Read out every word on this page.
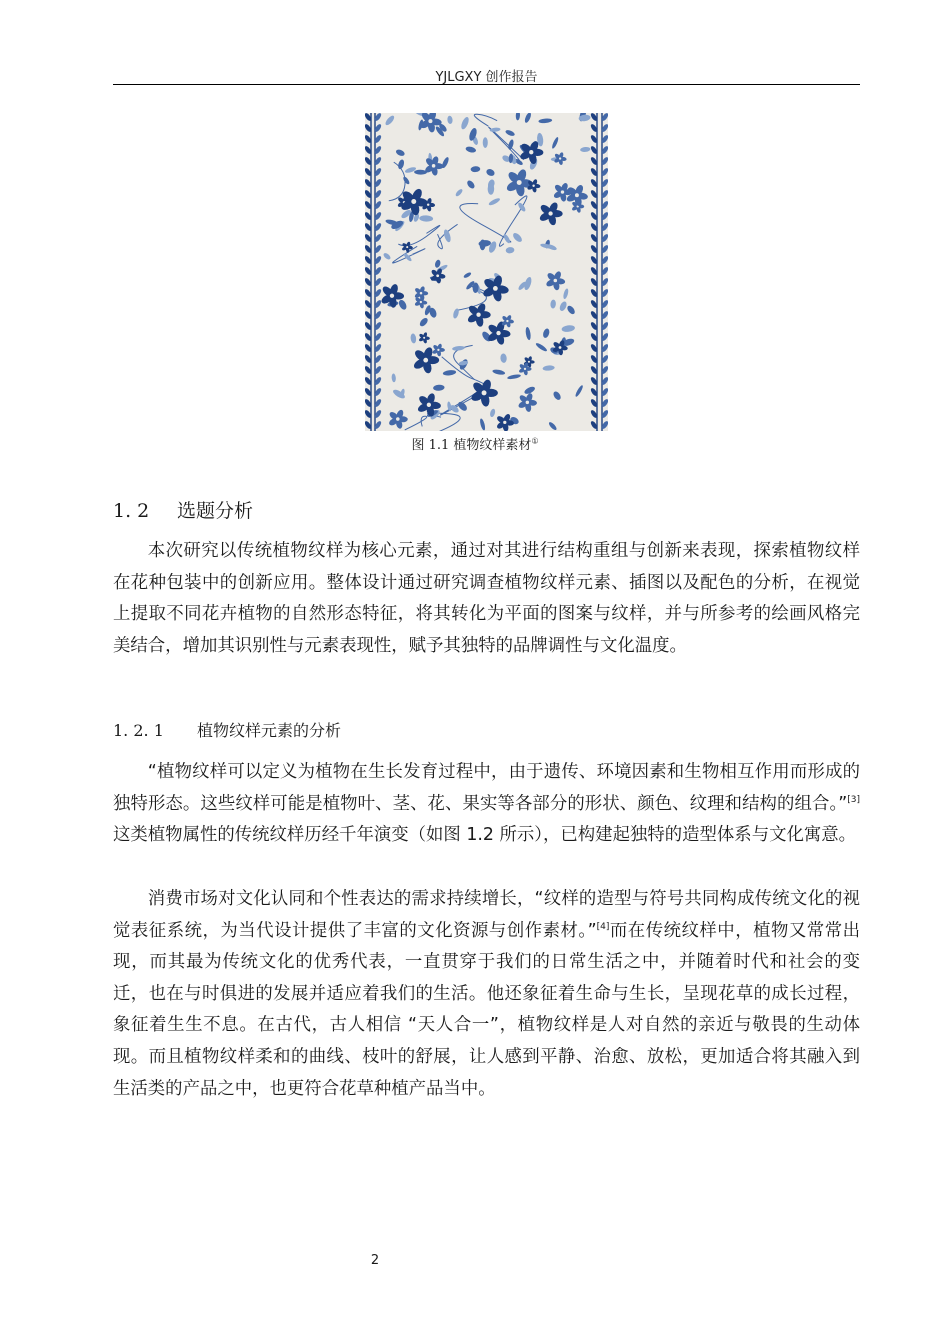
YJLGXY 创作报告
图 1.1 植物纹样素材①
1. 2 选题分析

本次研究以传统植物纹样为核心元素，通过对其进行结构重组与创新来表现，探索植物纹样在花种包装中的创新应用。整体设计通过研究调查植物纹样元素、插图以及配色的分析，在视觉上提取不同花卉植物的自然形态特征，将其转化为平面的图案与纹样，并与所参考的绘画风格完美结合，增加其识别性与元素表现性，赋予其独特的品牌调性与文化温度。

1. 2. 1 植物纹样元素的分析

“植物纹样可以定义为植物在生长发育过程中，由于遗传、环境因素和生物相互作用而形成的独特形态。这些纹样可能是植物叶、茎、花、果实等各部分的形状、颜色、纹理和结构的组合。”[3]这类植物属性的传统纹样历经千年演变（如图 1.2 所示），已构建起独特的造型体系与文化寓意。

消费市场对文化认同和个性表达的需求持续增长，“纹样的造型与符号共同构成传统文化的视觉表征系统，为当代设计提供了丰富的文化资源与创作素材。”[4]而在传统纹样中，植物又常常出现，而其最为传统文化的优秀代表，一直贯穿于我们的日常生活之中，并随着时代和社会的变迁，也在与时俱进的发展并适应着我们的生活。他还象征着生命与生长，呈现花草的成长过程，象征着生生不息。在古代，古人相信 “天人合一”，植物纹样是人对自然的亲近与敬畏的生动体现。而且植物纹样柔和的曲线、枝叶的舒展，让人感到平静、治愈、放松，更加适合将其融入到生活类的产品之中，也更符合花草种植产品当中。

2
